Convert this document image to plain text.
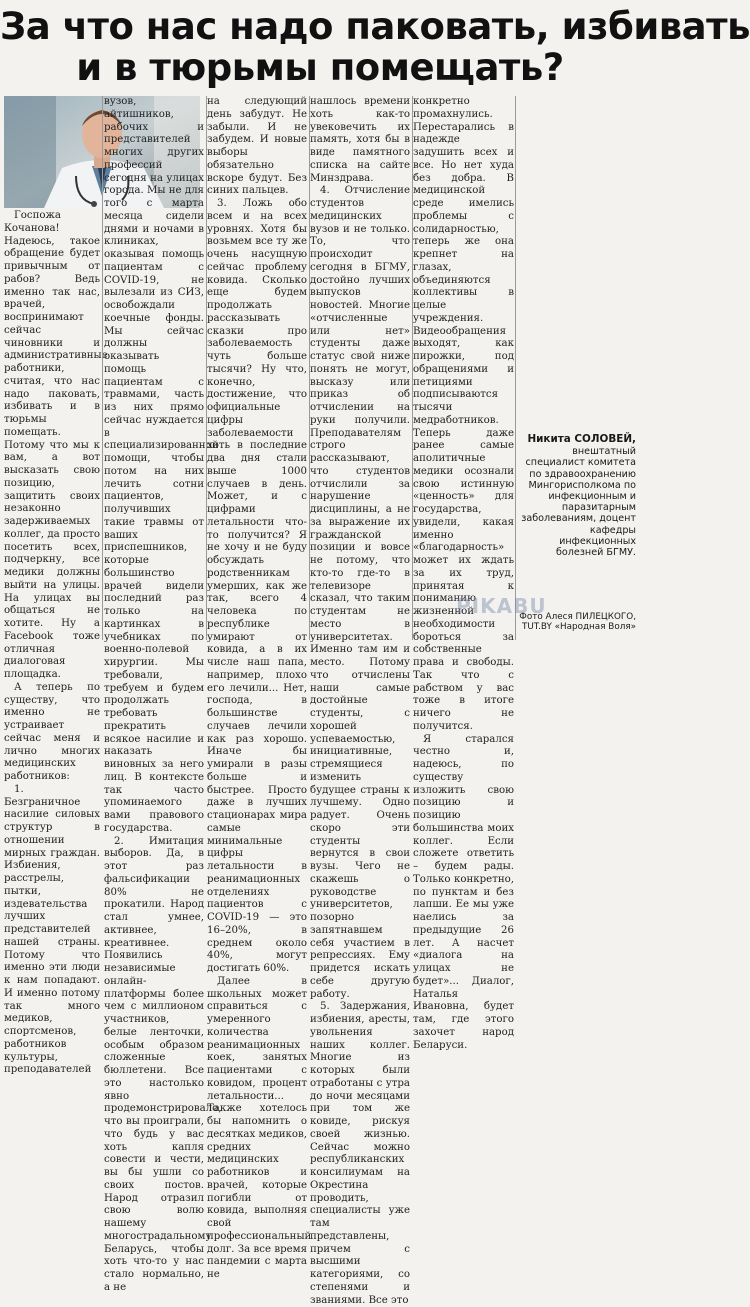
За что нас надо паковать, избивать
и в тюрьмы помещать?

Госпожа Кочанова! Надеюсь, такое обращение будет привычным от рабов? Ведь именно так нас, врачей, воспринимают сейчас чиновники и административные работники, считая, что нас надо паковать, избивать и в тюрьмы помещать. Потому что мы к вам, а вот высказать свою позицию, защитить своих незаконно задерживаемых коллег, да просто посетить всех, подчеркну, все медики должны выйти на улицы. На улицах вы общаться не хотите. Ну a Facebook тоже отличная диалоговая площадка.

А теперь по существу, что именно не устраивает сейчас меня и лично многих медицинских работников:

1. Безграничное насилие силовых структур в отношении мирных граждан. Избиения, расстрелы, пытки, издевательства лучших представителей нашей страны. Потому что именно эти люди к нам попадают. И именно потому так много медиков, спортсменов, работников культуры, преподавателей

вузов, айтишников, рабочих и представителей многих других профессий сегодня на улицах города. Мы не для того с марта месяца сидели днями и ночами в клиниках, оказывая помощь пациентам с COVID-19, не вылезали из СИЗ, освобождали коечные фонды. Мы сейчас должны оказывать помощь пациентам с травмами, часть из них прямо сейчас нуждается в специализированной помощи, чтобы потом на них лечить сотни пациентов, получивших такие травмы от ваших приспешников, которые большинство врачей видели последний раз только на картинках в учебниках по военно-полевой хирургии. Мы требовали, требуем и будем продолжать требовать прекратить всякое насилие и наказать виновных за него лиц. В контексте так часто упоминаемого вами правового государства.

2. Имитация выборов. Да, в этот раз фальсификации 80% не прокатили. Народ стал умнее, активнее, креативнее. Появились независимые онлайн-платформы более чем с миллионом участников, белые ленточки, особым образом сложенные бюллетени. Все это настолько явно продемонстрировало, что вы проиграли, что будь у вас хоть капля совести и чести, вы бы ушли со своих постов. Народ отразил свою волю нашему многострадальному Беларусь, чтобы хоть что-то у нас стало нормально, а не

на следующий день забудут. Не забыли. И не забудем. И новые выборы обязательно вскоре будут. Без синих пальцев.

3. Ложь обо всем и на всех уровнях. Хотя бы возьмем все ту же очень насущную сейчас проблему ковида. Сколько еще будем продолжать рассказывать сказки про заболеваемость чуть больше тысячи? Ну что, конечно, достижение, что официальные цифры заболеваемости хоть в последние два дня стали выше 1000 случаев в день. Может, и с цифрами летальности что-то получится? Я не хочу и не буду обсуждать родственникам умерших, как же так, всего 4 человека по республике умирают от ковида, а в их числе наш папа, например, плохо его лечили... Нет, господа, в большинстве случаев лечили как раз хорошо. Иначе бы умирали в разы больше и быстрее. Просто даже в лучших стационарах мира самые минимальные цифры летальности в реанимационных отделениях пациентов с COVID-19 — это 16–20%, в среднем около 40%, могут достигать 60%.

Далее в школьных может справиться с умеренного количества реанимационных коек, занятых пациентами с ковидом, процент летальности... Также хотелось бы напомнить о десятках медиков, средних медицинских работников и врачей, которые погибли от ковида, выполняя свой профессиональный долг. За все время пандемии с марта не

нашлось времени хоть как-то увековечить их память, хотя бы в виде памятного списка на сайте Минздрава.

4. Отчисление студентов медицинских вузов и не только. То, что происходит сегодня в БГМУ, достойно лучших выпусков новостей. Многие «отчисленные или нет» студенты даже статус свой ниже понять не могут, высказу или приказ об отчислении на руки получили. Преподавателям строго рассказывают, что студентов отчислили за нарушение дисциплины, а не за выражение их гражданской позиции и вовсе не потому, что кто-то где-то в телевизоре сказал, что таким студентам не место в университетах. Именно там им и место. Потому что отчислены наши самые достойные студенты, с хорошей успеваемостью, инициативные, стремящиеся изменить будущее страны к лучшему. Одно радует. Очень скоро эти студенты вернутся в свои вузы. Чего не скажешь о руководстве университетов, позорно запятнавшем себя участием в репрессиях. Ему придется искать себе другую работу.

5. Задержания, избиения, аресты, увольнения наших коллег. Многие из которых были отработаны с утра до ночи месяцами при том же ковиде, рискуя своей жизнью. Сейчас можно республиканских консилиумам на Окрестина проводить, специалисты уже там представлены, причем с высшими категориями, со степенями и званиями. Все это

конкретно промахнулись. Перестарались в надежде задушить всех и все. Но нет худа без добра. В медицинской среде имелись проблемы с солидарностью, теперь же она крепнет на глазах, объединяются коллективы в целые учреждения. Видеообращения выходят, как пирожки, под обращениями и петициями подписываются тысячи медработников. Теперь даже ранее самые аполитичные медики осознали свою истинную «ценность» для государства, увидели, какая именно «благодарность» может их ждать за их труд, принятая к пониманию жизненной необходимости бороться за собственные права и свободы. Так что с рабством у вас тоже в итоге ничего не получится.

Я старался честно и, надеюсь, по существу изложить свою позицию и позицию большинства моих коллег. Если сложете ответить – будем рады. Только конкретно, по пунктам и без лапши. Ее мы уже наелись за предыдущие 26 лет. А насчет «диалога на улицах не будет»... Диалог, Наталья Ивановна, будет там, где этого захочет народ Беларуси.

Никита СОЛОВЕЙ,
внештатный специалист комитета по здравоохранению Мингорисполкома по инфекционным и паразитарным заболеваниям, доцент кафедры инфекционных болезней БГМУ.
PIKABU
Фото Алеся ПИЛЕЦКОГО, TUT.BY «Народная Воля»
